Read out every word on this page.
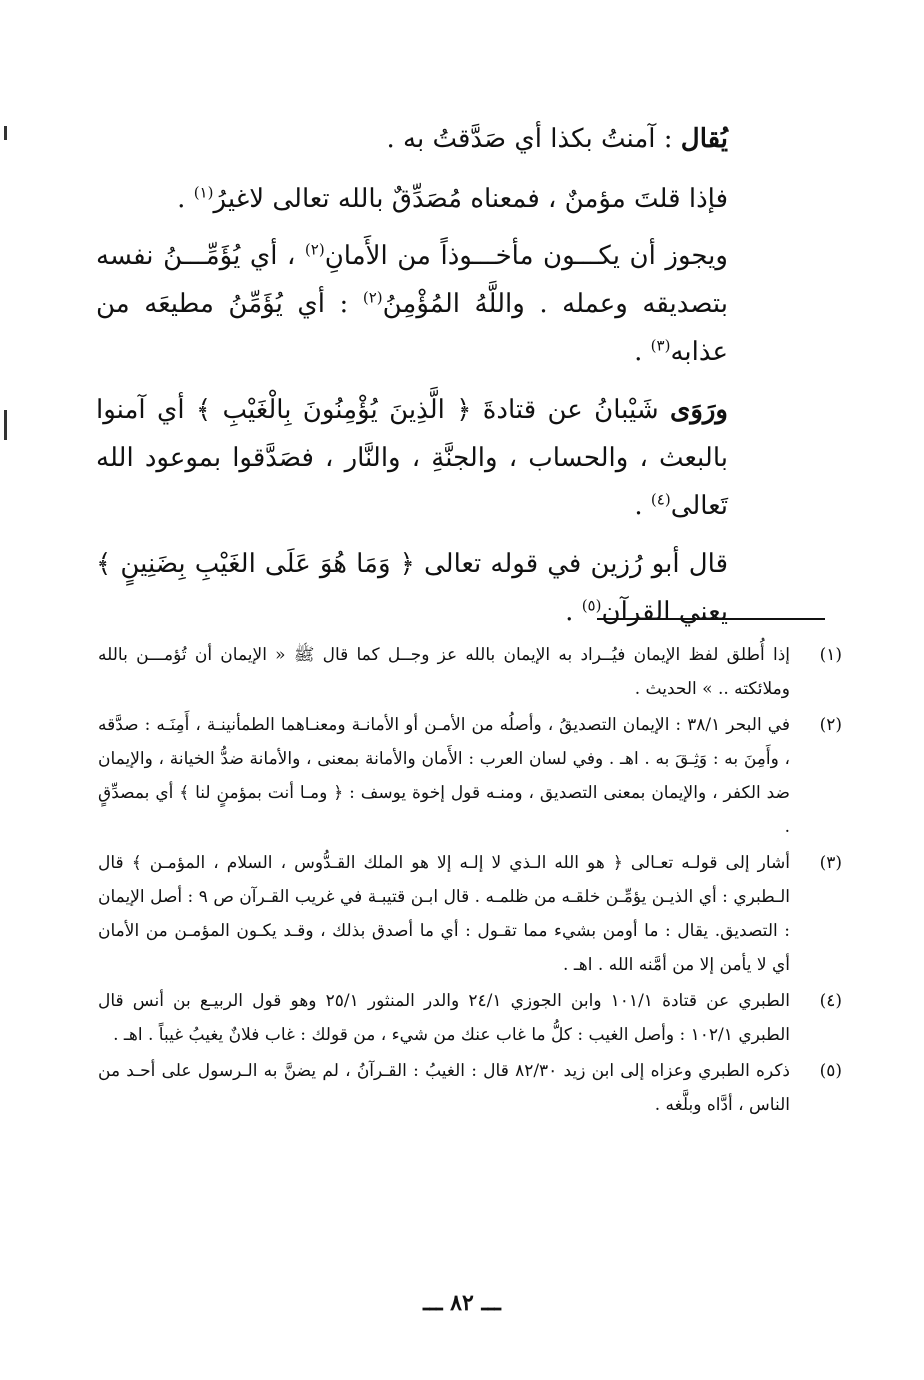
يُقال : آمنتُ بكذا أي صَدَّقتُ به .

فإذا قلتَ مؤمنٌ ، فمعناه مُصَدِّقٌ بالله تعالى لاغيرُ$^{(١)}$ .

ويجوز أن يكـــون مأخـــوذاً من الأَمانِ$^{(٢)}$ ، أي يُؤَمِّـــنُ نفسه بتصديقه وعمله . واللَّهُ المُؤْمِنُ$^{(٢)}$ : أي يُؤَمِّنُ مطيعَه من عذابه$^{(٣)}$ .

ورَوَى شَيْبانُ عن قتادةَ ﴿ الَّذِينَ يُؤْمِنُونَ بِالْغَيْبِ ﴾ أي آمنوا بالبعث ، والحساب ، والجنَّةِ ، والنَّار ، فصَدَّقوا بموعود الله تَعالى$^{(٤)}$ .

قال أبو رُزين في قوله تعالى ﴿ وَمَا هُوَ عَلَى الغَيْبِ بِضَنِينٍ ﴾ يعني القرآن$^{(٥)}$ .

(١)
إذا أُطلق لفظ الإيمان فيُــراد به الإيمان بالله عز وجــل كما قال ﷺ « الإيمان أن تُؤمـــن بالله وملائكته .. » الحديث .
(٢)
في البحر ٣٨/١ : الإيمان التصديقُ ، وأصلُه من الأمـن أو الأمانـة ومعنـاهما الطمأنينـة ، أَمِنَـه : صدَّقه ، وأَمِنَ به : وَثِـقَ به . اهـ . وفي لسان العرب : الأَمان والأمانة بمعنى ، والأمانة ضدُّ الخيانة ، والإيمان ضد الكفر ، والإيمان بمعنى التصديق ، ومنـه قول إخوة يوسف : ﴿ ومـا أنت بمؤمنٍ لنا ﴾ أي بمصدِّقٍ .
(٣)
أشار إلى قولـه تعـالى ﴿ هو الله الـذي لا إلـه إلا هو الملك القـدُّوس ، السلام ، المؤمـن ﴾ قال الـطبري : أي الذيـن يؤمِّـن خلقـه من ظلمـه . قال ابـن قتيبـة في غريب القـرآن ص ٩ : أصل الإيمان : التصديق. يقال : ما أومن بشيء مما تقـول : أي ما أصدق بذلك ، وقـد يكـون المؤمـن من الأمان أي لا يأمن إلا من أمَّنه الله . اهـ .
(٤)
الطبري عن قتادة ١٠١/١ وابن الجوزي ٢٤/١ والدر المنثور ٢٥/١ وهو قول الربيـع بن أنس قال الطبري ١٠٢/١ : وأصل الغيب : كلُّ ما غاب عنك من شيء ، من قولك : غاب فلانٌ يغيبُ غيباً . اهـ .
(٥)
ذكره الطبري وعزاه إلى ابن زيد ٨٢/٣٠ قال : الغيبُ : القـرآنُ ، لم يضنَّ به الـرسول على أحـد من الناس ، أدَّاه وبلَّغه .
ـــ ٨٢ ـــ
